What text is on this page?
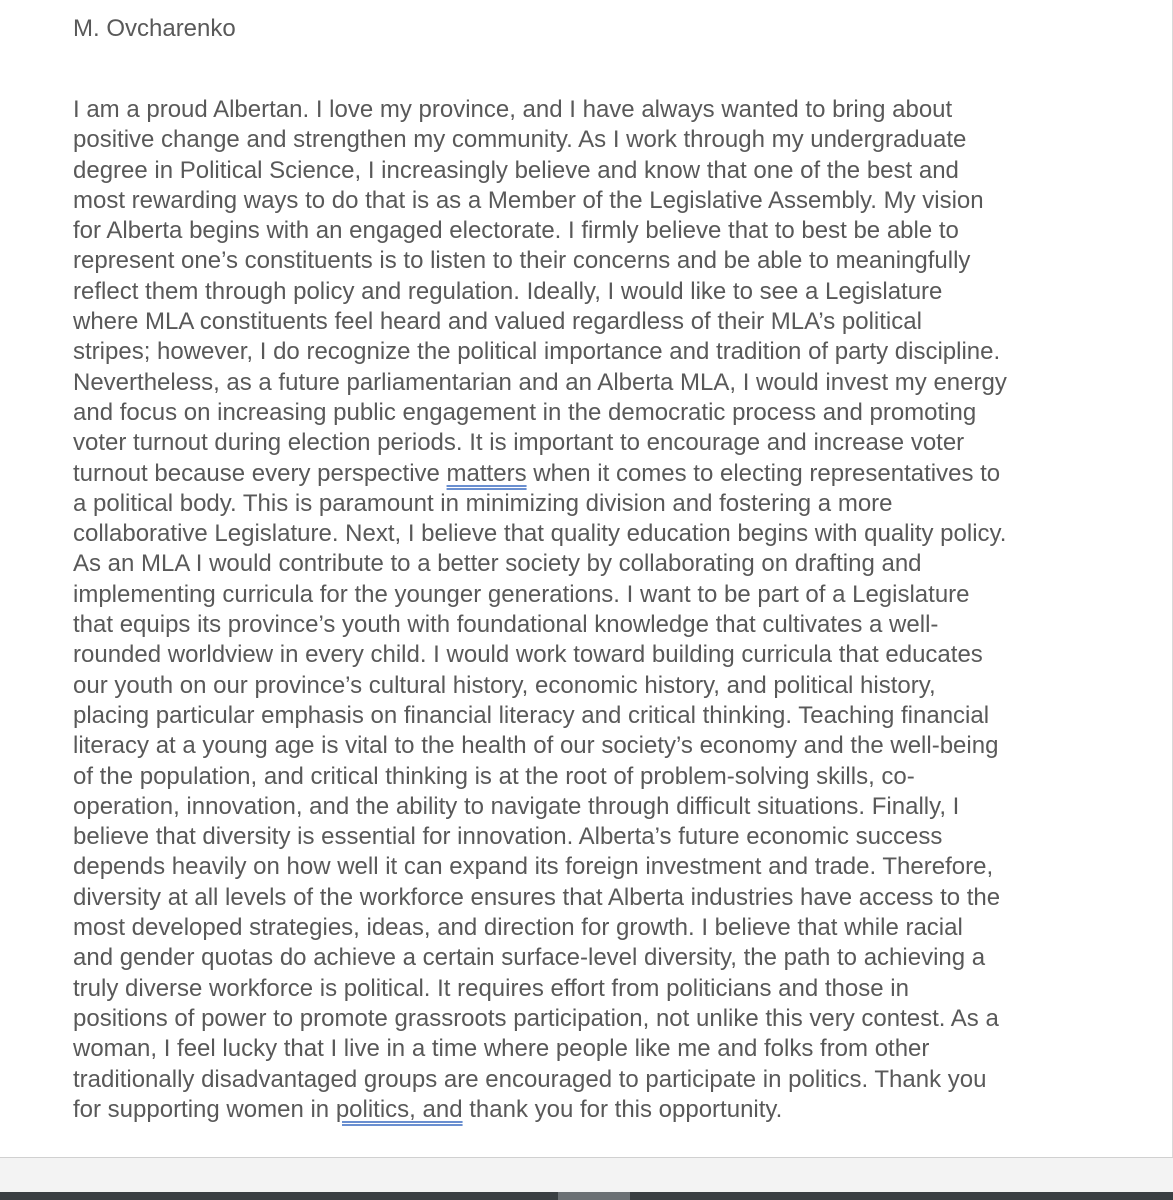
M. Ovcharenko
I am a proud Albertan. I love my province, and I have always wanted to bring about
positive change and strengthen my community. As I work through my undergraduate
degree in Political Science, I increasingly believe and know that one of the best and
most rewarding ways to do that is as a Member of the Legislative Assembly. My vision
for Alberta begins with an engaged electorate. I firmly believe that to best be able to
represent one’s constituents is to listen to their concerns and be able to meaningfully
reflect them through policy and regulation. Ideally, I would like to see a Legislature
where MLA constituents feel heard and valued regardless of their MLA’s political
stripes; however, I do recognize the political importance and tradition of party discipline.
Nevertheless, as a future parliamentarian and an Alberta MLA, I would invest my energy
and focus on increasing public engagement in the democratic process and promoting
voter turnout during election periods. It is important to encourage and increase voter
turnout because every perspective matters when it comes to electing representatives to
a political body. This is paramount in minimizing division and fostering a more
collaborative Legislature. Next, I believe that quality education begins with quality policy.
As an MLA I would contribute to a better society by collaborating on drafting and
implementing curricula for the younger generations. I want to be part of a Legislature
that equips its province’s youth with foundational knowledge that cultivates a well-
rounded worldview in every child. I would work toward building curricula that educates
our youth on our province’s cultural history, economic history, and political history,
placing particular emphasis on financial literacy and critical thinking. Teaching financial
literacy at a young age is vital to the health of our society’s economy and the well-being
of the population, and critical thinking is at the root of problem-solving skills, co-
operation, innovation, and the ability to navigate through difficult situations. Finally, I
believe that diversity is essential for innovation. Alberta’s future economic success
depends heavily on how well it can expand its foreign investment and trade. Therefore,
diversity at all levels of the workforce ensures that Alberta industries have access to the
most developed strategies, ideas, and direction for growth. I believe that while racial
and gender quotas do achieve a certain surface-level diversity, the path to achieving a
truly diverse workforce is political. It requires effort from politicians and those in
positions of power to promote grassroots participation, not unlike this very contest. As a
woman, I feel lucky that I live in a time where people like me and folks from other
traditionally disadvantaged groups are encouraged to participate in politics. Thank you
for supporting women in politics, and thank you for this opportunity.
